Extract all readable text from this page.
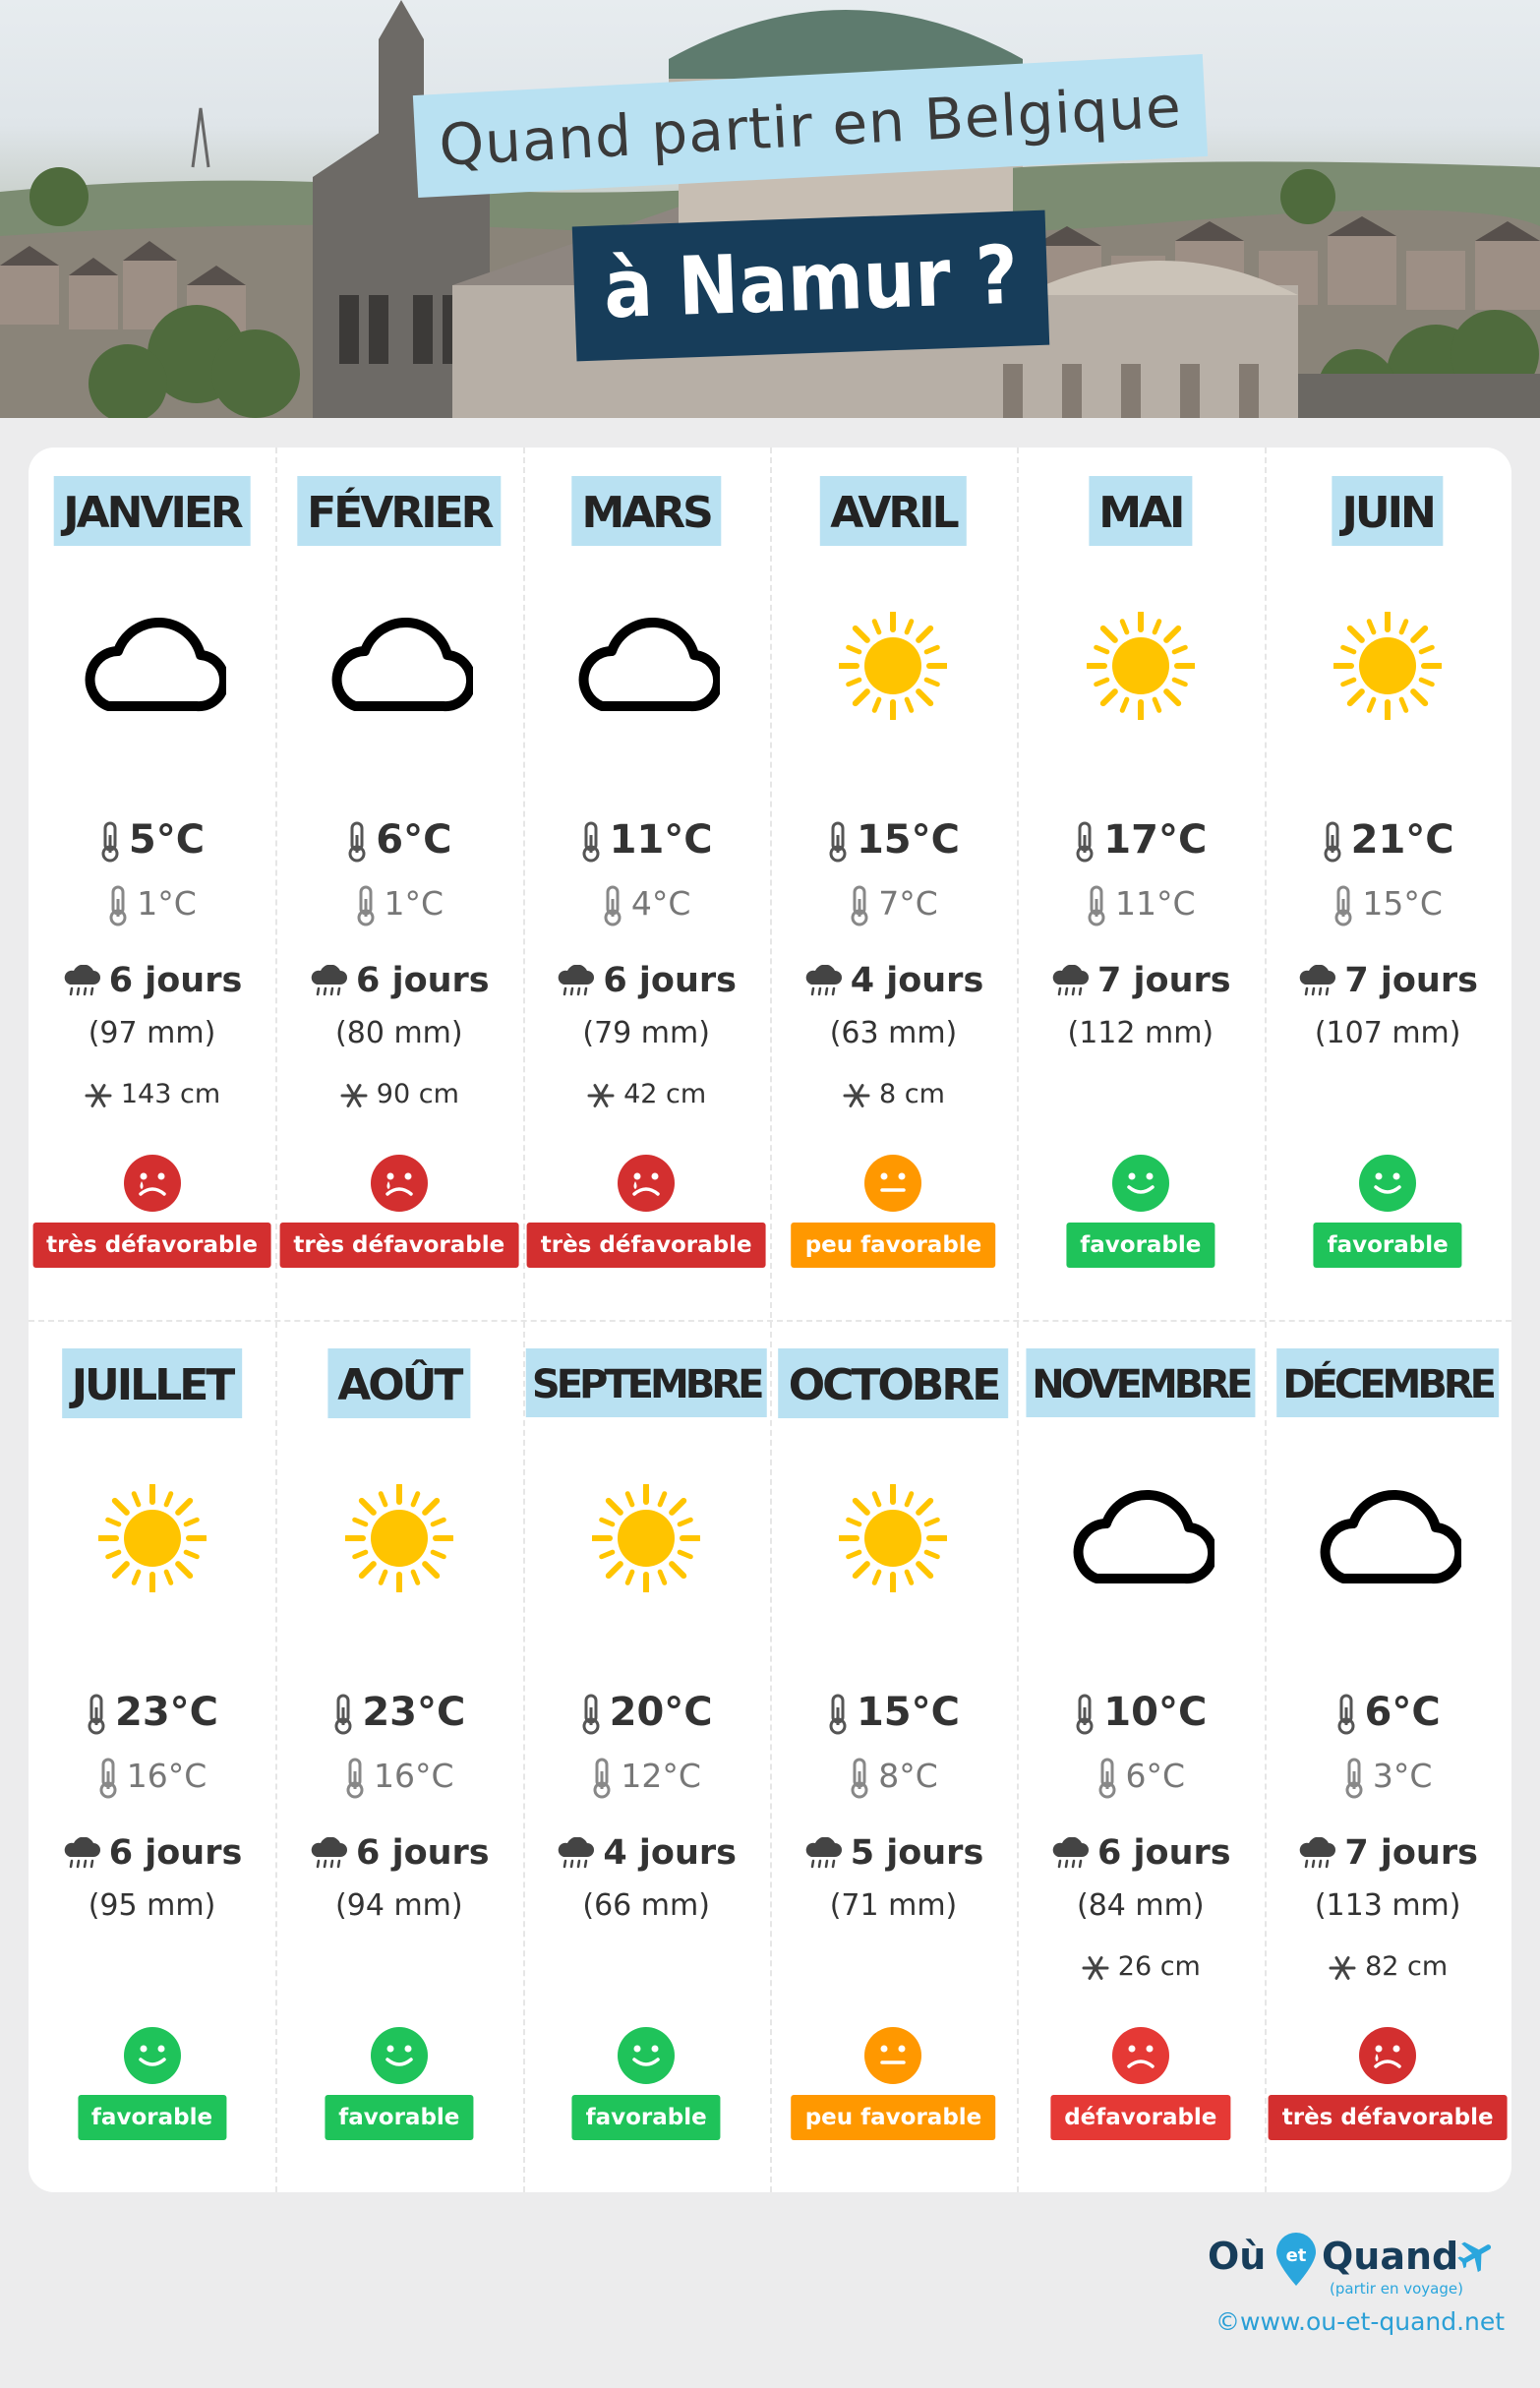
Quand partir en Belgique
à Namur ?
JANVIER
5°C
1°C
6 jours
(97 mm)
143 cm
très défavorable
FÉVRIER
6°C
1°C
6 jours
(80 mm)
90 cm
très défavorable
MARS
11°C
4°C
6 jours
(79 mm)
42 cm
très défavorable
AVRIL
15°C
7°C
4 jours
(63 mm)
8 cm
peu favorable
MAI
17°C
11°C
7 jours
(112 mm)
favorable
JUIN
21°C
15°C
7 jours
(107 mm)
favorable
JUILLET
23°C
16°C
6 jours
(95 mm)
favorable
AOÛT
23°C
16°C
6 jours
(94 mm)
favorable
SEPTEMBRE
20°C
12°C
4 jours
(66 mm)
favorable
OCTOBRE
15°C
8°C
5 jours
(71 mm)
peu favorable
NOVEMBRE
10°C
6°C
6 jours
(84 mm)
26 cm
défavorable
DÉCEMBRE
6°C
3°C
7 jours
(113 mm)
82 cm
très défavorable
Où et Quand
(partir en voyage)
©www.ou-et-quand.net
